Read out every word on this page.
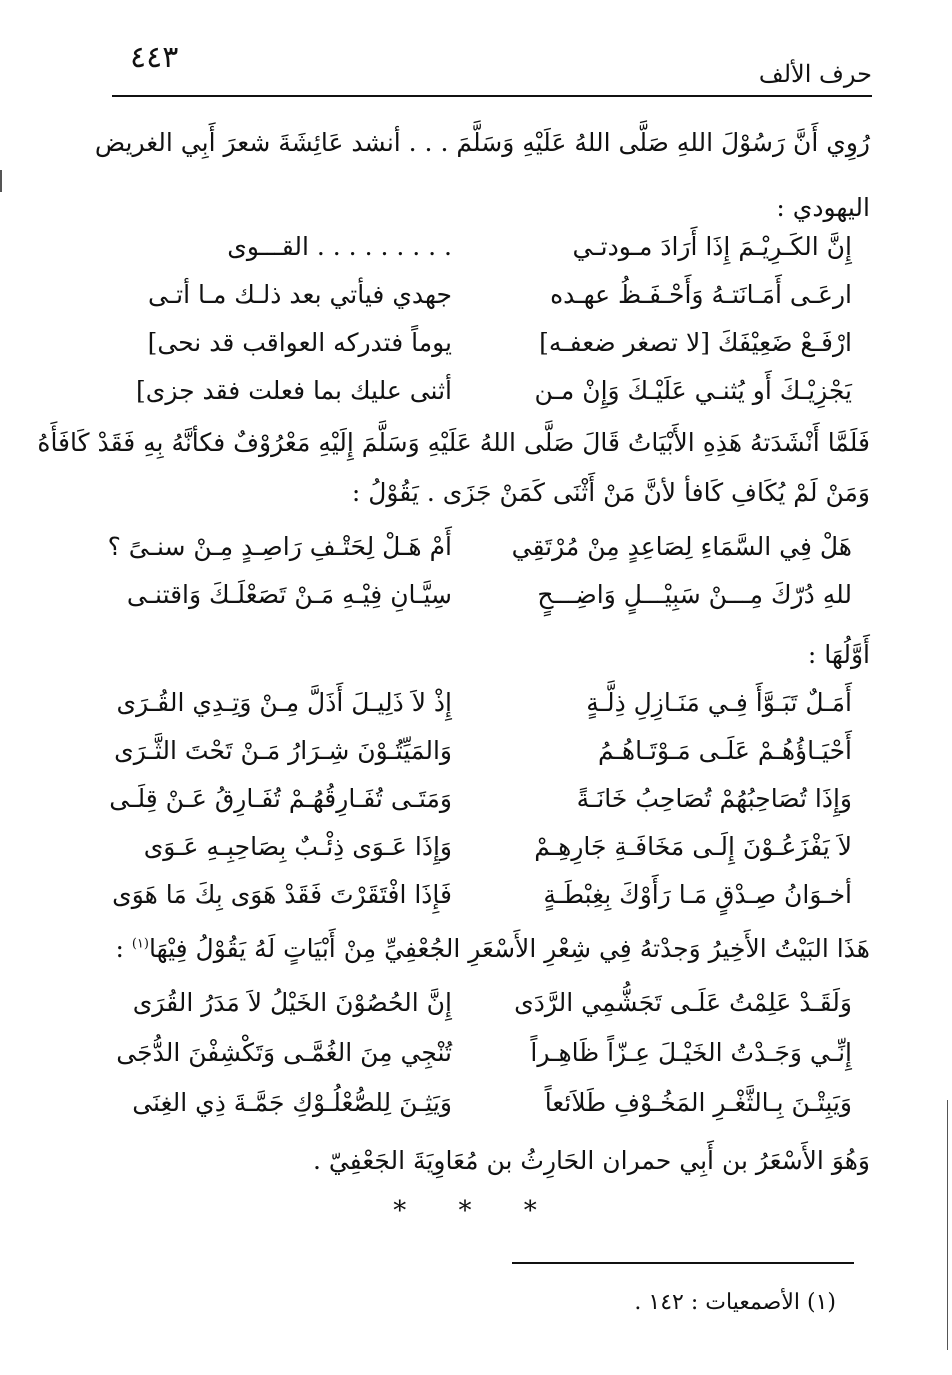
٤٤٣	حرف الألف
رُوِي أَنَّ رَسُوْلَ اللهِ صَلَّى اللهُ عَلَيْهِ وَسَلَّمَ . . . أنشد عَائِشَةَ شعرَ أَبِي الغريض
اليهودي :
إِنَّ الكَـرِيْـمَ إِذَا أَرَادَ مـودتـي
. . . . . . . . . القـــوى
ارعَـى أَمَـانَتـهُ وَأَحْـفَـظُ عهـده
جهدي فيأتي بعد ذلـك مـا أتـى
ارْفَـعْ ضَعِيْفَكَ [لا تصغر ضعفـه]
يوماً فتدركه العواقب قد نحى]
يَجْزِيْـكَ أَو يُثنـي عَلَيْـكَ وَإِنْ مـن
أثنى عليك بما فعلت فقد جزى]
فَلَمَّا أَنْشَدَتهُ هَذِهِ الأَبْيَاتُ قَالَ صَلَّى اللهُ عَلَيْهِ وَسَلَّمَ إِلَيْهِ مَعْرُوْفٌ فكأنَّهُ بِهِ فَقَدْ كَافَأَهُ
وَمَنْ لَمْ يُكَافِ كَافأ لأنَّ مَنْ أَثْنَى كَمَنْ جَزَى . يَقُوْلُ :
هَلْ فِي السَّمَاءِ لِصَاعِدٍ مِنْ مُرْتَقِي
أَمْ هَـلْ لِحَتْـفِ رَاصِـدٍ مِـنْ سنـىً ؟
للهِ دُرّكَ مِـــنْ سَبِيْـــلٍ وَاضِـــحٍ
سِيَّـانِ فِيْـهِ مَـنْ تَصَعْلَـكَ وَاقتنـى
أَوَّلُهَا :
أَمَـلٌ تَبَـوَّأَ فِـي مَنَـازِلِ ذِلَّـةٍ
إِذْ لاَ ذَلِيـلَ أَذَلَّ مِـنْ وَتِـدِي القُـرَى
أَحْيَـاؤُهُـمْ عَلَـى مَـوْتَـاهُـمُ
وَالمَيِّتُـوْنَ شِـرَارُ مَـنْ تَحْتَ الثَّـرَى
وَإِذَا تُصَاحِبُهُمْ تُصَاحِبُ خَانَـةً
وَمَتَـى تُفَـارِقُهُـمْ تُفَـارِقُ عَـنْ قِلَـى
لاَ يَفْزَعُـوْنَ إِلَـى مَخَافَـةِ جَارِهِـمْ
وَإِذَا عَـوَى ذِئْـبٌ بِصَاحِبِـهِ عَـوَى
أخـوَانُ صِـدْقٍ مَـا رَأَوْكَ بِغِبْطَـةٍ
فَإِذَا افْتَقَرْتَ فَقَدْ هَوَى بِكَ مَا هَوَى
هَذَا البَيْتُ الأَخِيرُ وَجدْتهُ فِي شِعْرِ الأَسْعَرِ الجُعْفِيِّ مِنْ أَبْيَاتٍ لَهُ يَقُوْلُ فِيْهَا$^{(١)}$ :
وَلَقَـدْ عَلِمْتُ عَلَـى تَجَشُّمِي الرَّدَى
إِنَّ الحُصُوْنَ الخَيْلُ لاَ مَدَرُ القُرَى
إِنِّـي وَجَـدْتُ الخَيْـلَ عِـزّاً ظَاهِـراً
تُنْجِي مِنَ الغُمَّـى وَتَكْشِفْنَ الدُّجَى
وَيَبِتْـنَ بِـالثَّغْـرِ المَخُـوْفِ طَلاَئعاً
وَيَثِـنَ لِلصُّعْلُـوْكِ جَمَّـةَ ذِي الغِنَى
وَهُوَ الأَسْعَرُ بن أَبِي حمران الحَارِثُ بن مُعَاوِيَةَ الجَعْفِيّ .
* * *
(١) الأصمعيات : ١٤٢ .
